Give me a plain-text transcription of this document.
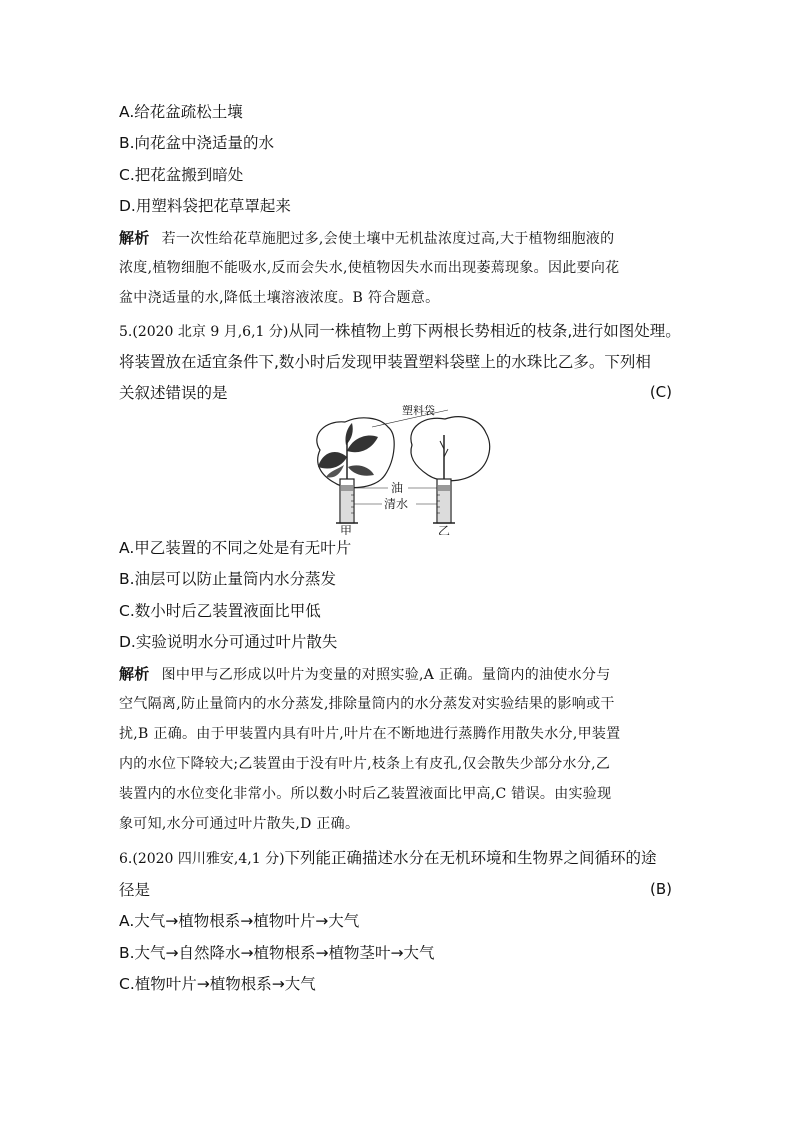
A.给花盆疏松土壤
B.向花盆中浇适量的水
C.把花盆搬到暗处
D.用塑料袋把花草罩起来
解析 若一次性给花草施肥过多,会使土壤中无机盐浓度过高,大于植物细胞液的
浓度,植物细胞不能吸水,反而会失水,使植物因失水而出现萎蔫现象。因此要向花
盆中浇适量的水,降低土壤溶液浓度。B 符合题意。
5.(2020 北京 9 月,6,1 分)从同一株植物上剪下两根长势相近的枝条,进行如图处理。
将装置放在适宜条件下,数小时后发现甲装置塑料袋壁上的水珠比乙多。下列相
关叙述错误的是	(C)
塑料袋
油
清水
甲	乙
A.甲乙装置的不同之处是有无叶片
B.油层可以防止量筒内水分蒸发
C.数小时后乙装置液面比甲低
D.实验说明水分可通过叶片散失
解析 图中甲与乙形成以叶片为变量的对照实验,A 正确。量筒内的油使水分与
空气隔离,防止量筒内的水分蒸发,排除量筒内的水分蒸发对实验结果的影响或干
扰,B 正确。由于甲装置内具有叶片,叶片在不断地进行蒸腾作用散失水分,甲装置
内的水位下降较大;乙装置由于没有叶片,枝条上有皮孔,仅会散失少部分水分,乙
装置内的水位变化非常小。所以数小时后乙装置液面比甲高,C 错误。由实验现
象可知,水分可通过叶片散失,D 正确。
6.(2020 四川雅安,4,1 分)下列能正确描述水分在无机环境和生物界之间循环的途
径是	(B)
A.大气→植物根系→植物叶片→大气
B.大气→自然降水→植物根系→植物茎叶→大气
C.植物叶片→植物根系→大气
